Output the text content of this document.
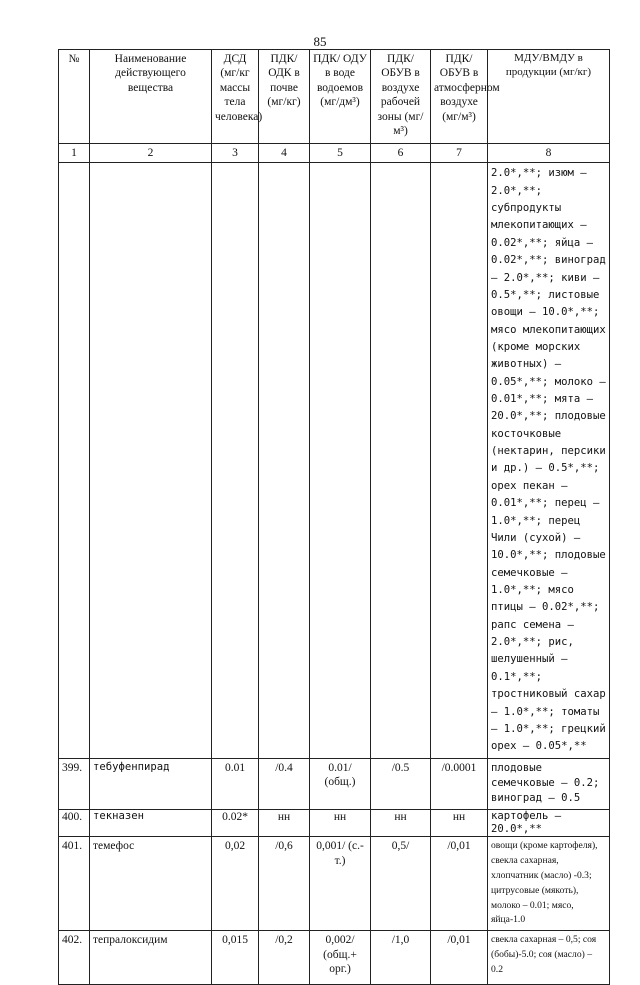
85
№	Наименование действующего вещества	ДСД (мг/кг массы тела человека)	ПДК/ ОДК в почве (мг/кг)	ПДК/ ОДУ в воде водоемов (мг/дм³)	ПДК/ ОБУВ в воздухе рабочей зоны (мг/м³)	ПДК/ ОБУВ в атмосферном воздухе (мг/м³)	МДУ/ВМДУ в продукции (мг/кг)
1	2	3	4	5	6	7	8
							2.0*,**; изюм – 2.0*,**; субпродукты млекопитающих – 0.02*,**; яйца – 0.02*,**; виноград – 2.0*,**; киви – 0.5*,**; листовые овощи – 10.0*,**; мясо млекопитающих (кроме морских животных) – 0.05*,**; молоко – 0.01*,**; мята – 20.0*,**; плодовые косточковые (нектарин, персики и др.) – 0.5*,**; орех пекан – 0.01*,**; перец – 1.0*,**; перец Чили (сухой) – 10.0*,**; плодовые семечковые – 1.0*,**; мясо птицы – 0.02*,**; рапс семена – 2.0*,**; рис, шелушенный – 0.1*,**; тростниковый сахар – 1.0*,**; томаты – 1.0*,**; грецкий орех – 0.05*,**
399.	тебуфенпирад	0.01	/0.4	0.01/ (общ.)	/0.5	/0.0001	плодовые семечковые – 0.2; виноград – 0.5
400.	текназен	0.02*	нн	нн	нн	нн	картофель – 20.0*,**
401.	темефос	0,02	/0,6	0,001/ (с.-т.)	0,5/	/0,01	овощи (кроме картофеля), свекла сахарная, хлопчатник (масло) -0.3; цитрусовые (мякоть), молоко – 0.01; мясо, яйца-1.0
402.	тепралоксидим	0,015	/0,2	0,002/ (общ.+ орг.)	/1,0	/0,01	свекла сахарная – 0,5; соя (бобы)-5.0; соя (масло) – 0.2
